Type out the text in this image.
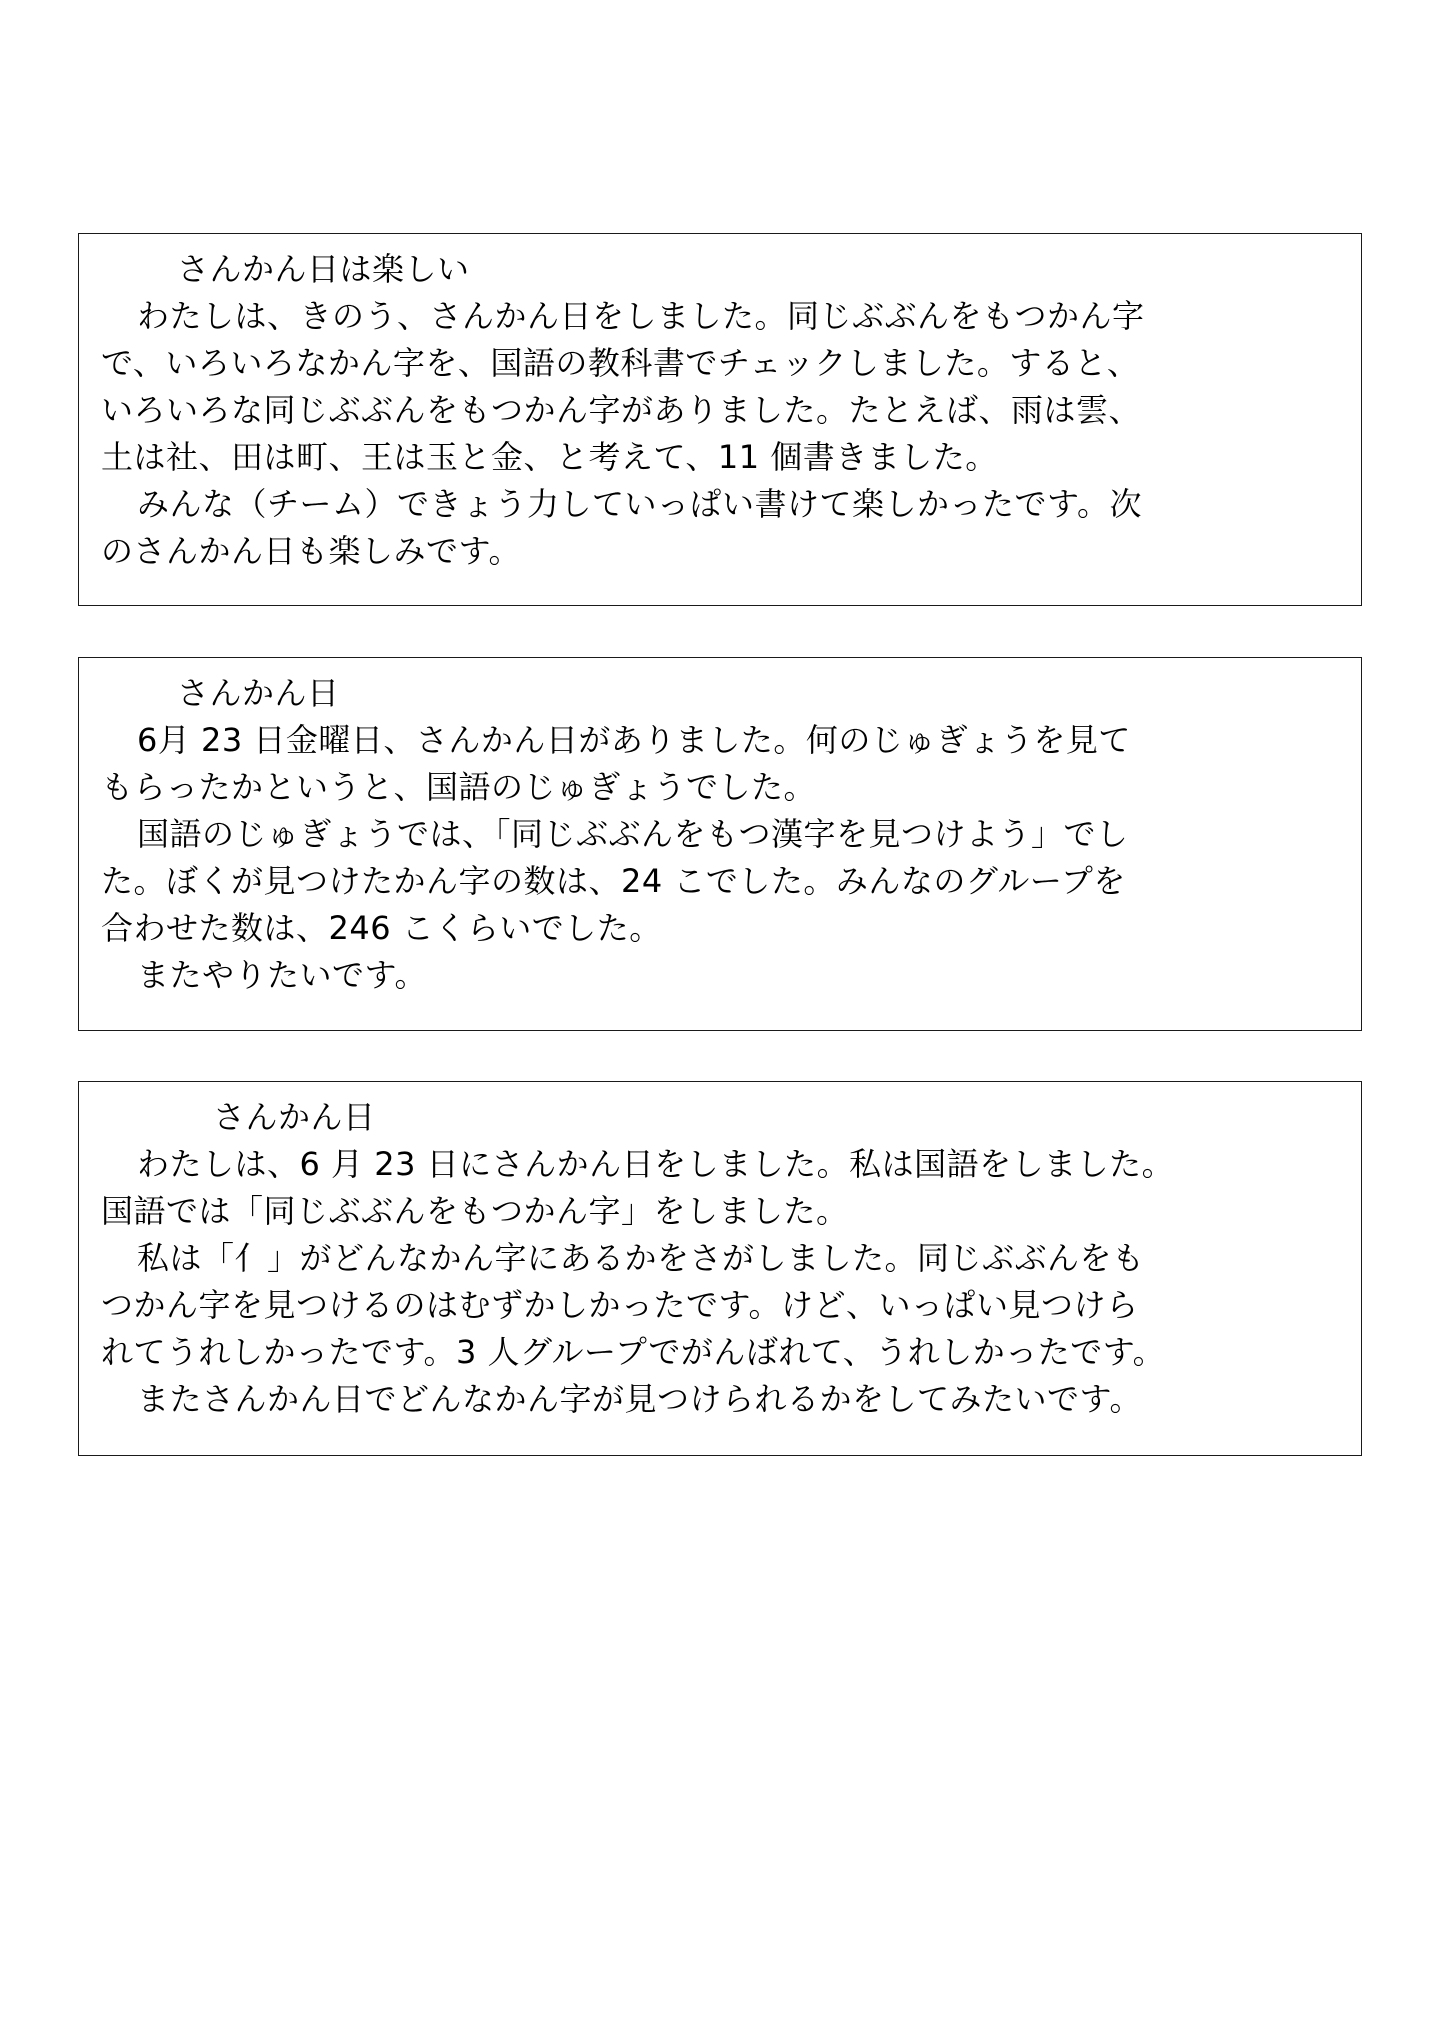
さんかん日は楽しい
わたしは、きのう、さんかん日をしました。同じぶぶんをもつかん字
で、いろいろなかん字を、国語の教科書でチェックしました。すると、
いろいろな同じぶぶんをもつかん字がありました。たとえば、雨は雲、
土は社、田は町、王は玉と金、と考えて、11 個書きました。
みんな（チーム）できょう力していっぱい書けて楽しかったです。次
のさんかん日も楽しみです。
さんかん日
6月 23 日金曜日、さんかん日がありました。何のじゅぎょうを見て
もらったかというと、国語のじゅぎょうでした。
国語のじゅぎょうでは、「同じぶぶんをもつ漢字を見つけよう」でし
た。ぼくが見つけたかん字の数は、24 こでした。みんなのグループを
合わせた数は、246 こくらいでした。
またやりたいです。
さんかん日
わたしは、6 月 23 日にさんかん日をしました。私は国語をしました。
国語では「同じぶぶんをもつかん字」をしました。
私は「亻」がどんなかん字にあるかをさがしました。同じぶぶんをも
つかん字を見つけるのはむずかしかったです。けど、いっぱい見つけら
れてうれしかったです。3 人グループでがんばれて、うれしかったです。
またさんかん日でどんなかん字が見つけられるかをしてみたいです。
